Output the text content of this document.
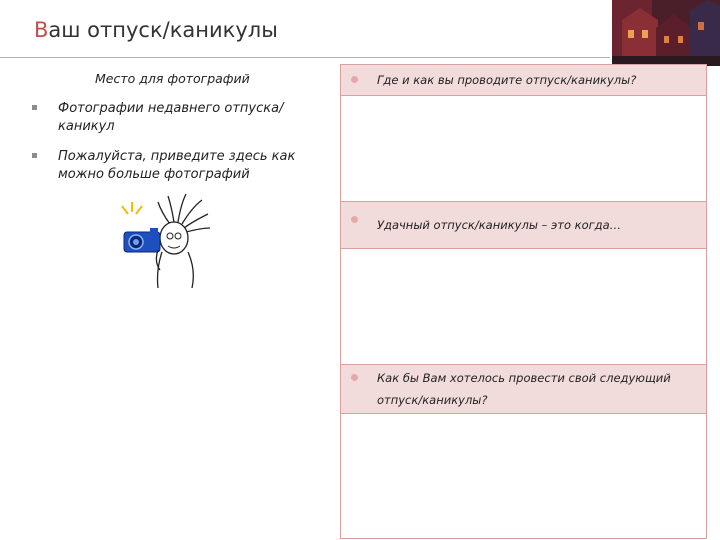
Ваш отпуск/каникулы
Место для фотографий
Фотографии недавнего отпуска/каникул
Пожалуйста, приведите здесь как можно больше фотографий
Где и как вы проводите отпуск/каникулы?
Удачный отпуск/каникулы – это когда…
Как бы Вам хотелось провести свой следующий отпуск/каникулы?
